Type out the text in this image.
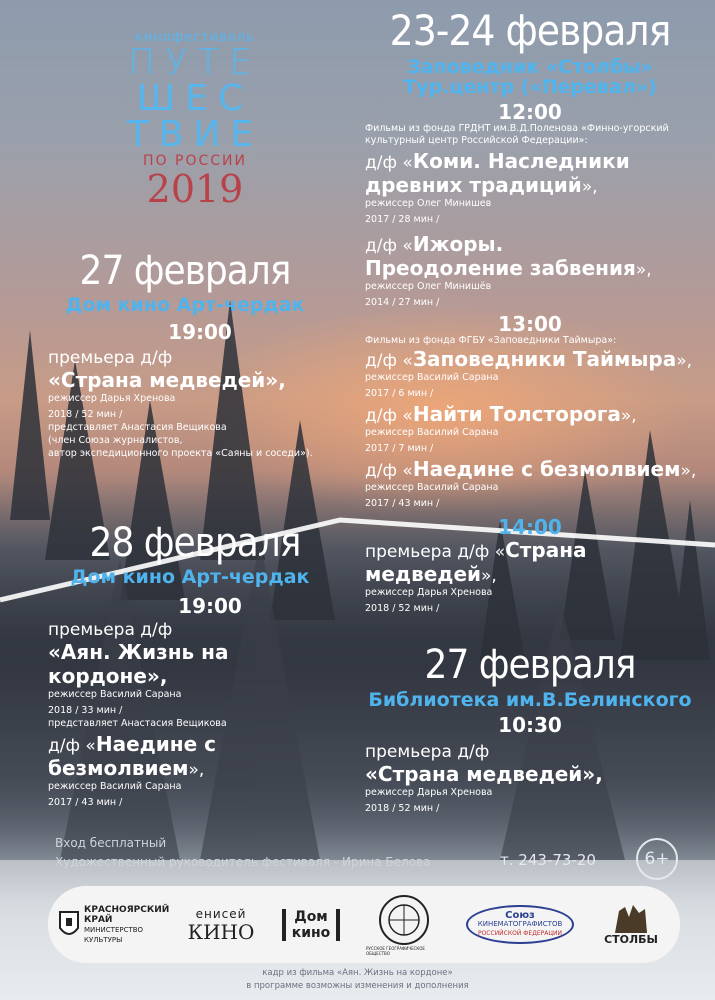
кинофестиваль
ПУТЕ
ШЕС
ТВИЕ
ПО РОССИИ
2019
27 февраля
Дом кино Арт-чердак
19:00
премьера д/ф
«Страна медведей»,
режиссер Дарья Хренова
2018 / 52 мин /
представляет Анастасия Вещикова
(член Союза журналистов,
автор экспедиционного проекта «Саяны и соседи»).
28 февраля
Дом кино Арт-чердак
19:00
премьера д/ф
«Аян. Жизнь на кордоне»,
режиссер Василий Сарана
2018 / 33 мин /
представляет Анастасия Вещикова
д/ф «Наедине с безмолвием»,
режиссер Василий Сарана
2017 / 43 мин /
23-24 февраля
Заповедник «Столбы»
Тур.центр («Перевал»)
12:00
Фильмы из фонда ГРДНТ им.В.Д.Поленова «Финно-угорский
культурный центр Российской Федерации»:
д/ф «Коми. Наследники
древних традиций»,
режиссер Олег Минишев
2017 / 28 мин /
д/ф «Ижоры.
Преодоление забвения»,
режиссер Олег Минишёв
2014 / 27 мин /
13:00
Фильмы из фонда ФГБУ «Заповедники Таймыра»:
д/ф «Заповедники Таймыра»,
режиссер Василий Сарана
2017 / 6 мин /
д/ф «Найти Толсторога»,
режиссер Василий Сарана
2017 / 7 мин /
д/ф «Наедине с безмолвием»,
режиссер Василий Сарана
2017 / 43 мин /
14:00
премьера д/ф «Страна медведей»,
режиссер Дарья Хренова
2018 / 52 мин /
27 февраля
Библиотека им.В.Белинского
10:30
премьера д/ф
«Страна медведей»,
режиссер Дарья Хренова
2018 / 52 мин /
Вход бесплатный
Художественный руководитель фестиваля - Ирина Белова	т. 243-73-20	6+
КРАСНОЯРСКИЙ
КРАЙ
МИНИСТЕРСТВО
КУЛЬТУРЫ
енисей
КИНО
Дом
кино
РУССКОЕ ГЕОГРАФИЧЕСКОЕ ОБЩЕСТВО
Союз
КИНЕМАТОГРАФИСТОВ
РОССИЙСКОЙ ФЕДЕРАЦИИ	СТОЛБЫ
кадр из фильма «Аян. Жизнь на кордоне»
в программе возможны изменения и дополнения
